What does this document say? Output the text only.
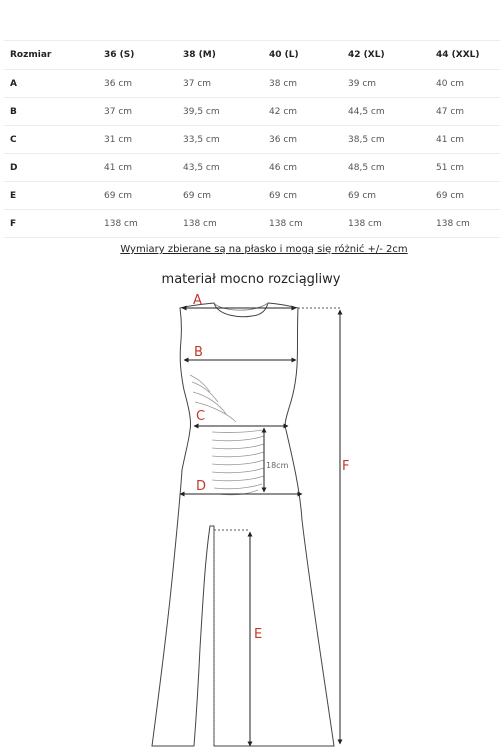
Rozmiar	36 (S)	38 (M)	40 (L)	42 (XL)	44 (XXL)
A	36 cm	37 cm	38 cm	39 cm	40 cm
B	37 cm	39,5 cm	42 cm	44,5 cm	47 cm
C	31 cm	33,5 cm	36 cm	38,5 cm	41 cm
D	41 cm	43,5 cm	46 cm	48,5 cm	51 cm
E	69 cm	69 cm	69 cm	69 cm	69 cm
F	138 cm	138 cm	138 cm	138 cm	138 cm
Wymiary zbierane są na płasko i mogą się różnić +/- 2cm
materiał mocno rozciągliwy
A
B
C
D
E
F
18cm
